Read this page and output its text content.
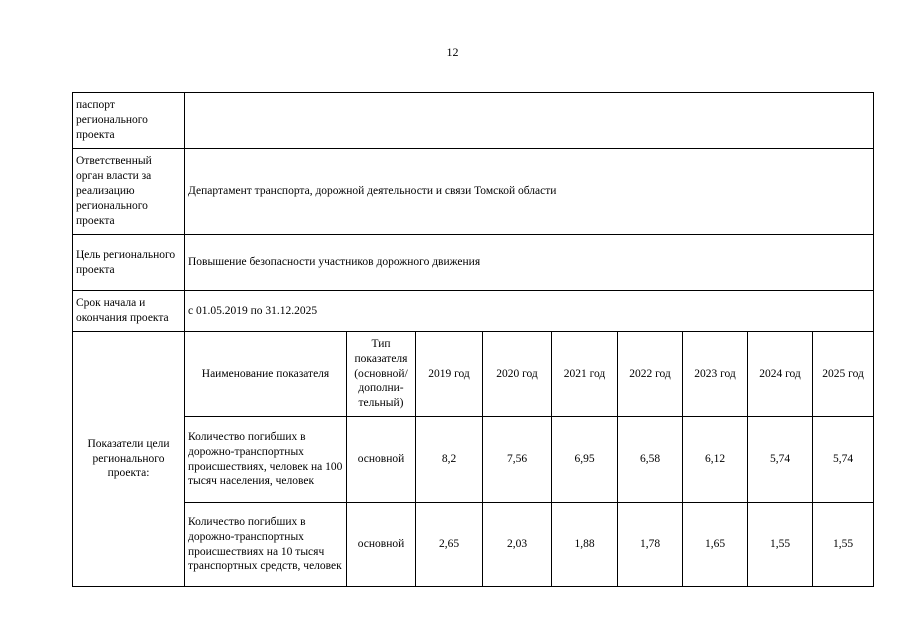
12
паспорт регионального проекта									
Ответственный орган власти за реализацию регионального проекта	Департамент транспорта, дорожной деятельности и связи Томской области								
Цель регионального проекта	Повышение безопасности участников дорожного движения								
Срок начала и окончания проекта	с 01.05.2019 по 31.12.2025								
Показатели цели регионального проекта:	Наименование показателя	Тип показателя (основной/ дополни-тельный)	2019 год	2020 год	2021 год	2022 год	2023 год	2024 год	2025 год
	Количество погибших в дорожно-транспортных происшествиях, человек на 100 тысяч населения, человек	основной	8,2	7,56	6,95	6,58	6,12	5,74	5,74
	Количество погибших в дорожно-транспортных происшествиях на 10 тысяч транспортных средств, человек	основной	2,65	2,03	1,88	1,78	1,65	1,55	1,55
